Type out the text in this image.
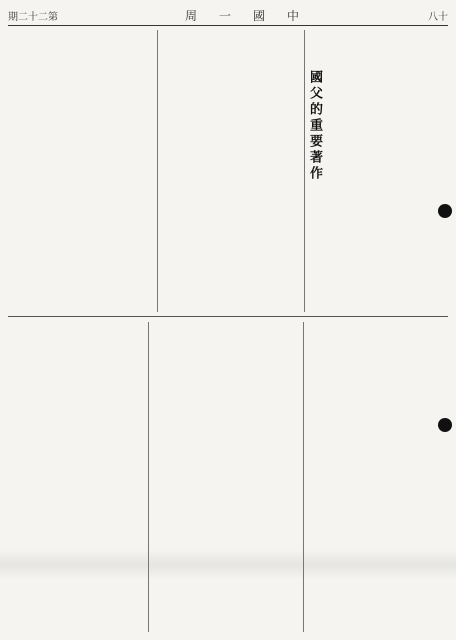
期二十二第	周 一 國 中	八十
國父的重要著作
